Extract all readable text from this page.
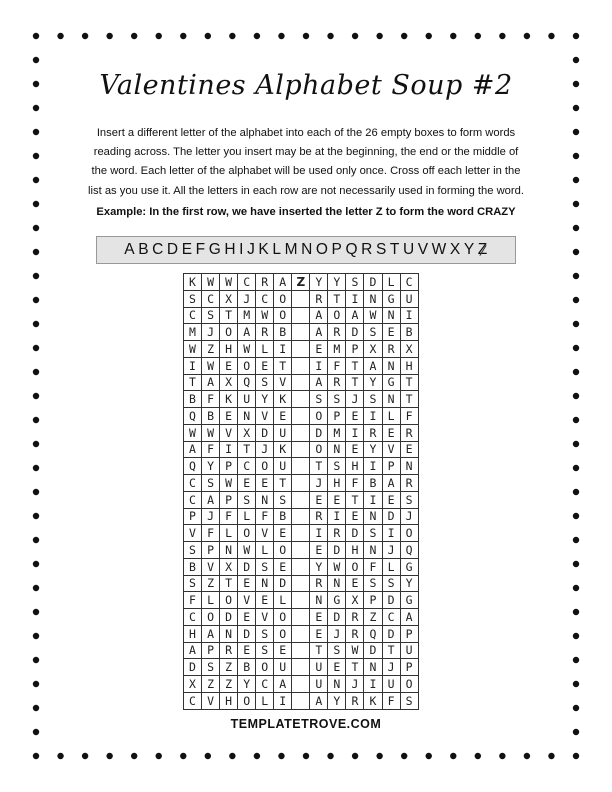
Valentines Alphabet Soup #2
Insert a different letter of the alphabet into each of the 26 empty boxes to form words reading across. The letter you insert may be at the beginning, the end or the middle of the word. Each letter of the alphabet will be used only once. Cross off each letter in the list as you use it. All the letters in each row are not necessarily used in forming the word.
Example: In the first row, we have inserted the letter Z to form the word CRAZY
A B C D E F G H I J K L M N O P Q R S T U V W X Y Z
K	W	W	C	R	A	Z	Y	Y	S	D	L	C
S	C	X	J	C	O		R	T	I	N	G	U
C	S	T	M	W	O		A	O	A	W	N	I
M	J	O	A	R	B		A	R	D	S	E	B
W	Z	H	W	L	I		E	M	P	X	R	X
I	W	E	O	E	T		I	F	T	A	N	H
T	A	X	Q	S	V		A	R	T	Y	G	T
B	F	K	U	Y	K		S	S	J	S	N	T
Q	B	E	N	V	E		O	P	E	I	L	F
W	W	V	X	D	U		D	M	I	R	E	R
A	F	I	T	J	K		O	N	E	Y	V	E
Q	Y	P	C	O	U		T	S	H	I	P	N
C	S	W	E	E	T		J	H	F	B	A	R
C	A	P	S	N	S		E	E	T	I	E	S
P	J	F	L	F	B		R	I	E	N	D	J
V	F	L	O	V	E		I	R	D	S	I	O
S	P	N	W	L	O		E	D	H	N	J	Q
B	V	X	D	S	E		Y	W	O	F	L	G
S	Z	T	E	N	D		R	N	E	S	S	Y
F	L	O	V	E	L		N	G	X	P	D	G
C	O	D	E	V	O		E	D	R	Z	C	A
H	A	N	D	S	O		E	J	R	Q	D	P
A	P	R	E	S	E		T	S	W	D	T	U
D	S	Z	B	O	U		U	E	T	N	J	P
X	Z	Z	Y	C	A		U	N	J	I	U	O
C	V	H	O	L	I		A	Y	R	K	F	S
TEMPLATETROVE.COM
